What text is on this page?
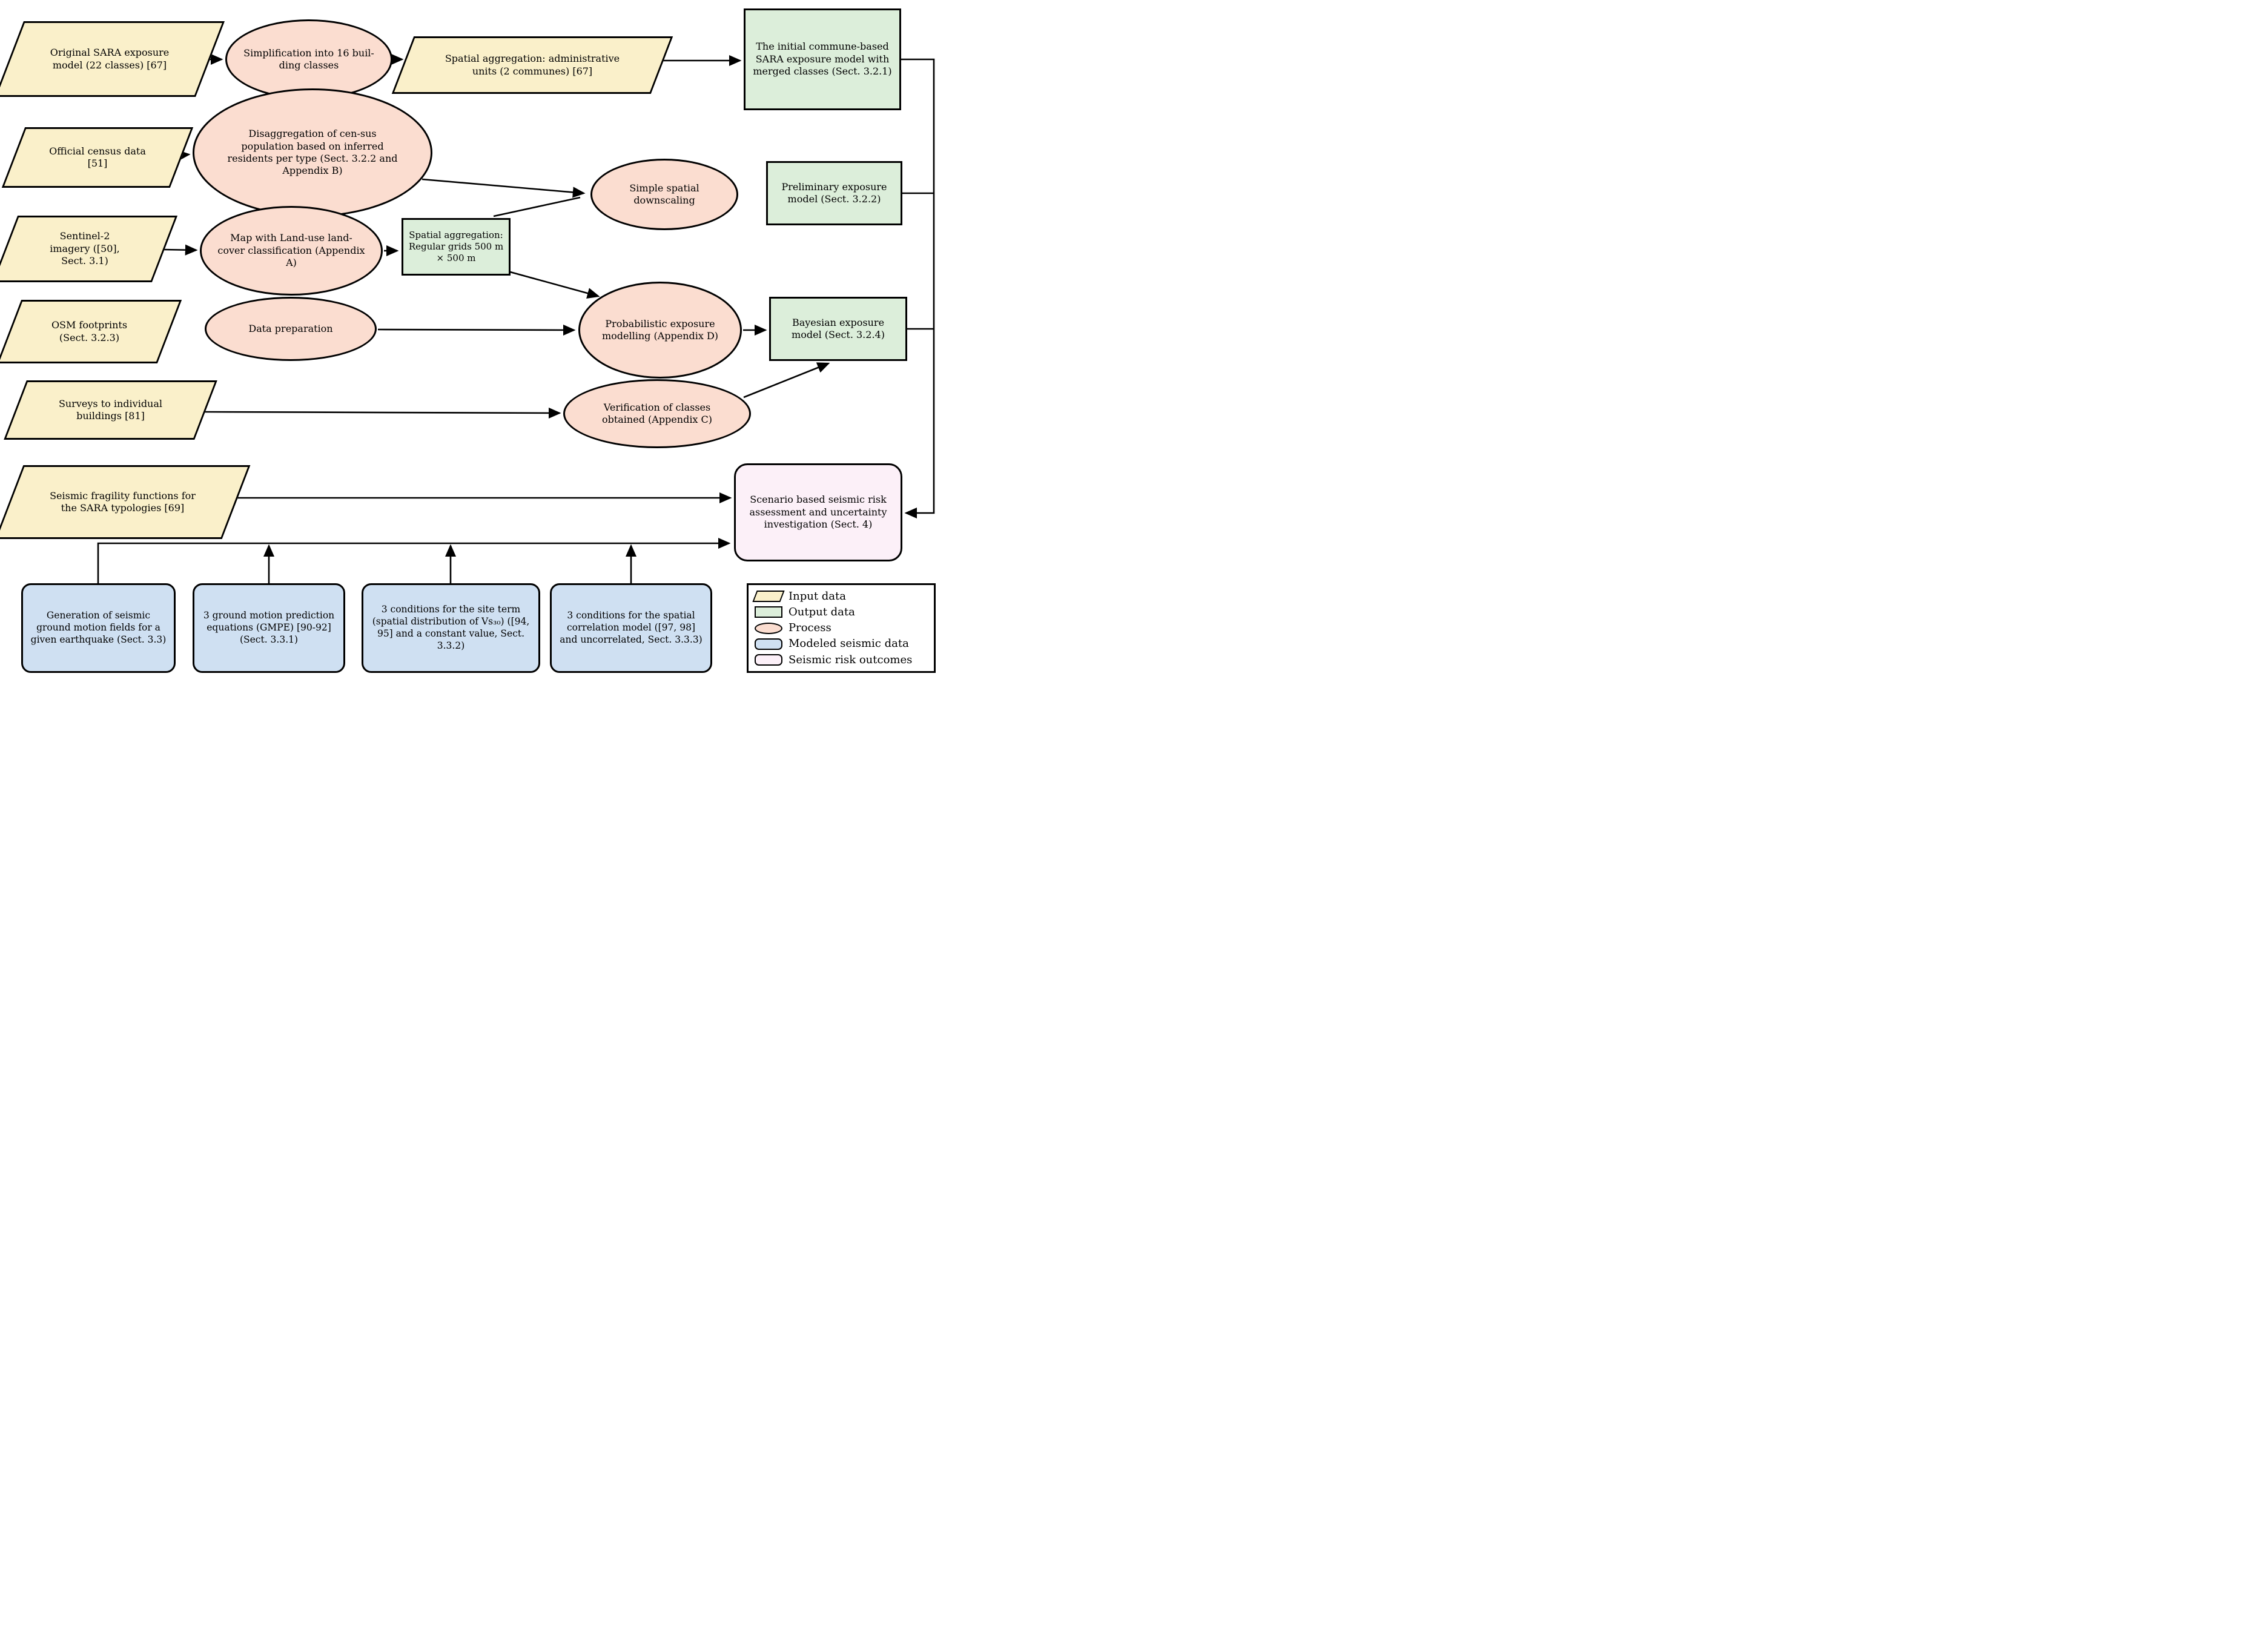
Original SARA exposure model (22 classes) [67]
Simplification into 16 buil-ding classes
Spatial aggregation: administrative units (2 communes) [67]
The initial commune-based SARA exposure model with merged classes (Sect. 3.2.1)
Official census data [51]
Disaggregation of cen-sus population based on inferred residents per type (Sect. 3.2.2 and Appendix B)
Simple spatial downscaling
Preliminary exposure model (Sect. 3.2.2)
Sentinel-2 imagery ([50], Sect. 3.1)
Map with Land-use land-cover classification (Appendix A)
Spatial aggregation: Regular grids 500 m × 500 m
OSM footprints (Sect. 3.2.3)
Data preparation	Probabilistic exposure modelling (Appendix D)
Bayesian exposure model (Sect. 3.2.4)
Surveys to individual buildings [81]
Verification of classes obtained (Appendix C)
Seismic fragility functions for the SARA typologies [69]
Scenario based seismic risk assessment and uncertainty investigation (Sect. 4)
Generation of seismic ground motion fields for a given earthquake (Sect. 3.3)
3 ground motion prediction equations (GMPE) [90-92] (Sect. 3.3.1)
3 conditions for the site term (spatial distribution of Vs₃₀) ([94, 95] and a constant value, Sect. 3.3.2)
3 conditions for the spatial correlation model ([97, 98] and uncorrelated, Sect. 3.3.3)
Input data
Output data
Process
Modeled seismic data
Seismic risk outcomes
